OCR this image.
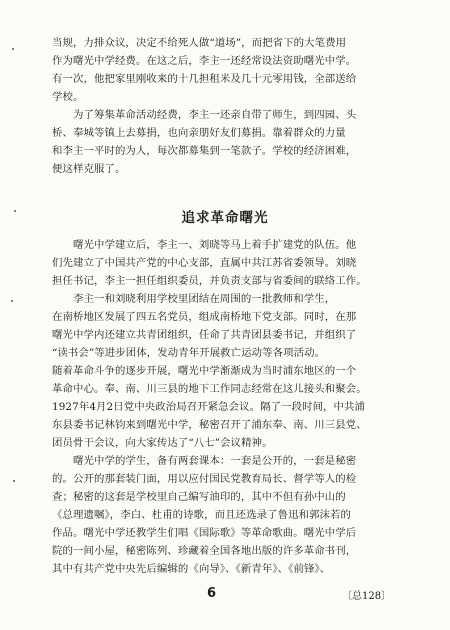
当规，力排众议，决定不给死人做“道场”，而把省下的大笔费用
作为曙光中学经费。在这之后，李主一还经常设法资助曙光中学。
有一次，他把家里刚收来的十几担租米及几十元零用钱，全部送给
学校。
　　为了筹集革命活动经费，李主一还亲自带了师生，到四园、头
桥、奉城等镇上去募捐，也向亲朋好友们募捐。靠着群众的力量
和李主一平时的为人，每次都募集到一笔款子。学校的经济困难，
便这样克服了。
追求革命曙光
　　曙光中学建立后，李主一、刘晓等马上着手扩建党的队伍。他
们先建立了中国共产党的中心支部，直属中共江苏省委领导。刘晓
担任书记，李主一担任组织委员，并负责支部与省委间的联络工作。
　　李主一和刘晓利用学校里团结在周围的一批教师和学生，
在南桥地区发展了四五名党员，组成南桥地下党支部。同时，在那
曙光中学内还建立共青团组织，任命了共青团县委书记，并组织了
“读书会”等进步团体，发动青年开展救亡运动等各项活动。
随着革命斗争的逐步开展，曙光中学渐渐成为当时浦东地区的一个
革命中心。奉、南、川三县的地下工作同志经常在这儿接头和聚会。
1927年4月2日党中央政治局召开紧急会议。隔了一段时间，中共浦
东县委书记林钧来到曙光中学，秘密召开了浦东奉、南、川三县党、
团员骨干会议，向大家传达了“八七”会议精神。
　　曙光中学的学生，备有两套课本：一套是公开的，一套是秘密
的。公开的那套装门面，用以应付国民党教育局长、督学等人的检
查；秘密的这套是学校里自己编写油印的，其中不但有孙中山的
《总理遗嘱》，李白、杜甫的诗歌，而且还选录了鲁迅和郭沫若的
作品。曙光中学还教学生们唱《国际歌》等革命歌曲。曙光中学后
院的一间小屋，秘密陈列、珍藏着全国各地出版的许多革命书刊，
其中有共产党中央先后编辑的《向导》、《新青年》、《前锋》、
6	〔总128〕
